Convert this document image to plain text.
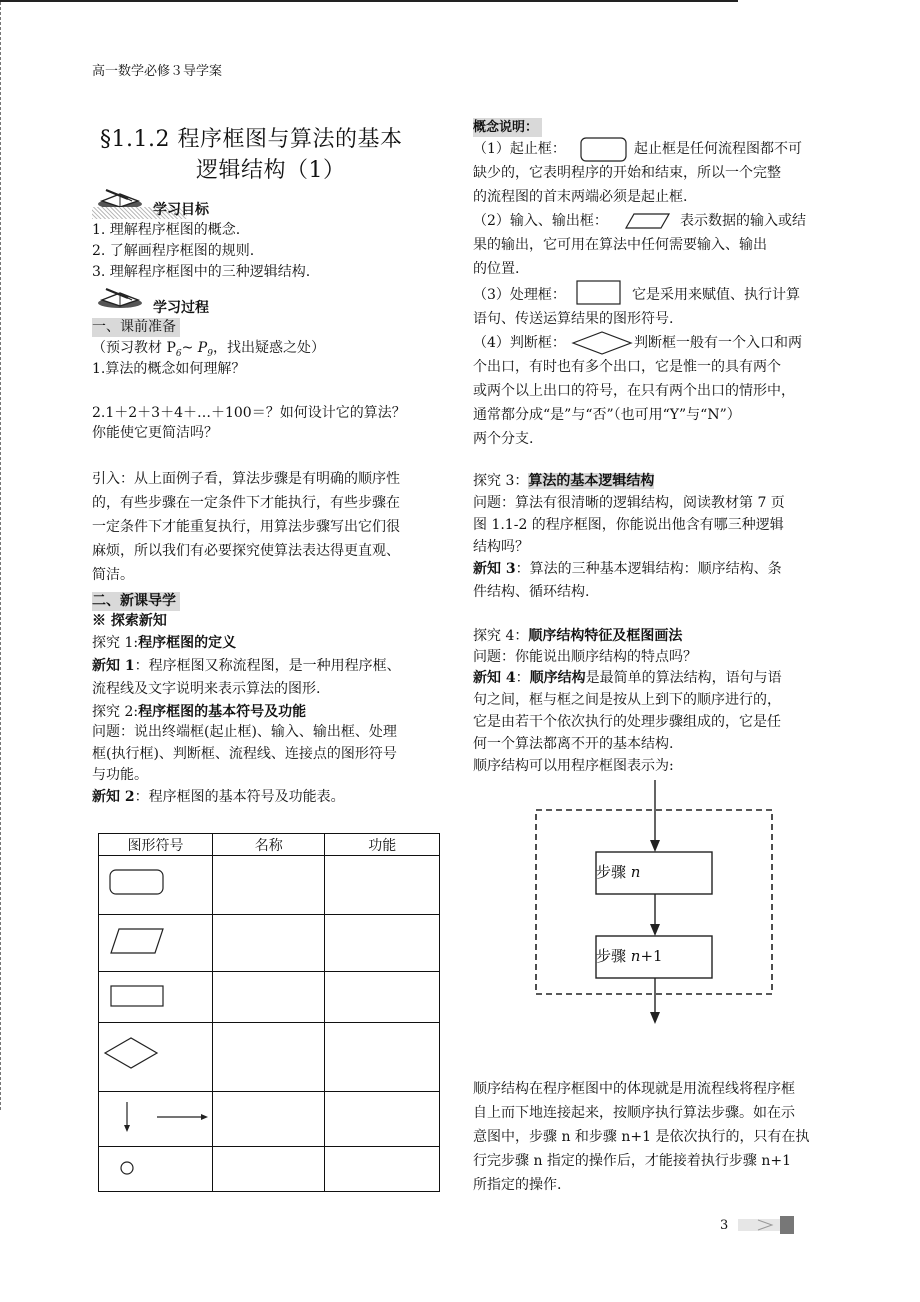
高一数学必修３导学案
§1.1.2 程序框图与算法的基本
逻辑结构（1）
学习目标
1. 理解程序框图的概念.
2. 了解画程序框图的规则.
3. 理解程序框图中的三种逻辑结构.
学习过程
一、课前准备
（预习教材 $P_6\sim$ $P_9$，找出疑惑之处）
1.算法的概念如何理解？
2.1＋2＋3＋4＋…＋100＝？如何设计它的算法？
你能使它更简洁吗？
引入：从上面例子看，算法步骤是有明确的顺序性
的，有些步骤在一定条件下才能执行，有些步骤在
一定条件下才能重复执行，用算法步骤写出它们很
麻烦，所以我们有必要探究使算法表达得更直观、
简洁。
二、新课导学
※ 探索新知
探究 1:程序框图的定义
新知 1：程序框图又称流程图，是一种用程序框、
流程线及文字说明来表示算法的图形.
探究 2:程序框图的基本符号及功能
问题：说出终端框(起止框)、输入、输出框、处理
框(执行框)、判断框、流程线、连接点的图形符号
与功能。
新知 2：程序框图的基本符号及功能表。
图形符号	名称	功能

概念说明：
（1）起止框：	起止框是任何流程图都不可
缺少的，它表明程序的开始和结束，所以一个完整
的流程图的首末两端必须是起止框.
（2）输入、输出框：	表示数据的输入或结
果的输出，它可用在算法中任何需要输入、输出
的位置.
（3）处理框：	它是采用来赋值、执行计算
语句、传送运算结果的图形符号.
（4）判断框：	判断框一般有一个入口和两
个出口，有时也有多个出口，它是惟一的具有两个
或两个以上出口的符号，在只有两个出口的情形中，
通常都分成“是”与“否”（也可用“Y”与“N”）
两个分支.
探究 3：算法的基本逻辑结构
问题：算法有很清晰的逻辑结构，阅读教材第 7 页
图 1.1-2 的程序框图，你能说出他含有哪三种逻辑
结构吗？
新知 3：算法的三种基本逻辑结构：顺序结构、条
件结构、循环结构.
探究 4：顺序结构特征及框图画法
问题：你能说出顺序结构的特点吗？
新知 4：顺序结构是最简单的算法结构，语句与语
句之间，框与框之间是按从上到下的顺序进行的，
它是由若干个依次执行的处理步骤组成的，它是任
何一个算法都离不开的基本结构.
顺序结构可以用程序框图表示为:
步骤 n
步骤 n+1
顺序结构在程序框图中的体现就是用流程线将程序框
自上而下地连接起来，按顺序执行算法步骤。如在示
意图中，步骤 n 和步骤 n+1 是依次执行的，只有在执
行完步骤 n 指定的操作后，才能接着执行步骤 n+1
所指定的操作.
3
